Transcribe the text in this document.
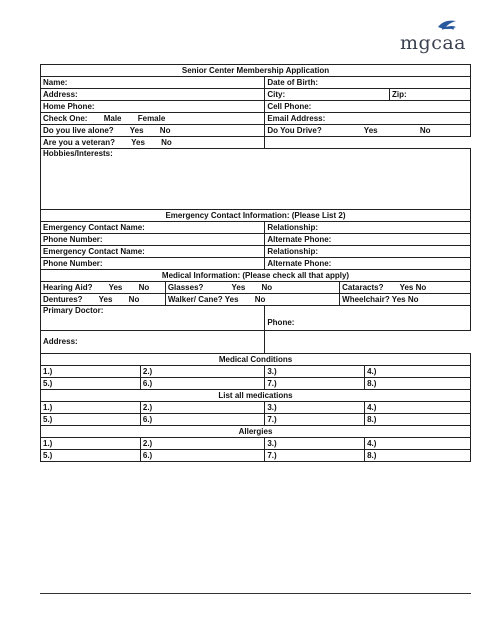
mgcaa
Senior Center Membership Application						
Name:			Date of Birth:			
Address:			City:			Zip:
Home Phone:			Cell Phone:			
Check One: Male Female			Email Address:			
Do you live alone? Yes No			Do You Drive? Yes No			
Are you a veteran? Yes No						
Hobbies/Interests:						
Emergency Contact Information: (Please List 2)						
Emergency Contact Name:			Relationship:			
Phone Number:			Alternate Phone:			
Emergency Contact Name:			Relationship:			
Phone Number:			Alternate Phone:			
Medical Information: (Please check all that apply)						
Hearing Aid? Yes No		Glasses? Yes No		Cataracts? Yes No		
Dentures? Yes No		Walker/ Cane? Yes No		Wheelchair? Yes No		
Primary Doctor:			Phone:			
Address:						
Medical Conditions						
1.)	2.)		3.)		4.)	
5.)	6.)		7.)		8.)	
List all medications						
1.)	2.)		3.)		4.)	
5.)	6.)		7.)		8.)	
Allergies						
1.)	2.)		3.)		4.)	
5.)	6.)		7.)		8.)	
